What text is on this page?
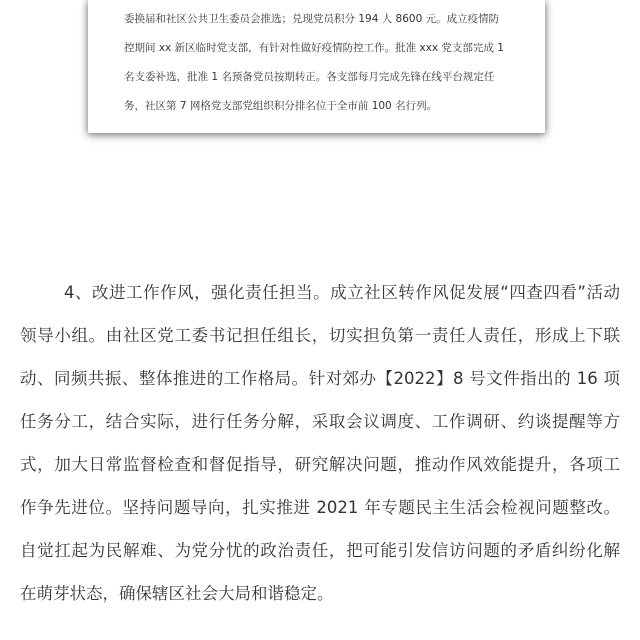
委换届和社区公共卫生委员会推选；兑现党员积分 194 人 8600 元。成立疫情防
控期间 xx 新区临时党支部，有针对性做好疫情防控工作。批准 xxx 党支部完成 1
名支委补选，批准 1 名预备党员按期转正。各支部每月完成先锋在线平台规定任
务，社区第 7 网格党支部党组织积分排名位于全市前 100 名行列。
4、改进工作作风，强化责任担当。成立社区转作风促发展“四查四看”活动
领导小组。由社区党工委书记担任组长，切实担负第一责任人责任，形成上下联
动、同频共振、整体推进的工作格局。针对郊办【2022】8 号文件指出的 16 项
任务分工，结合实际，进行任务分解，采取会议调度、工作调研、约谈提醒等方
式，加大日常监督检查和督促指导，研究解决问题，推动作风效能提升，各项工
作争先进位。坚持问题导向，扎实推进 2021 年专题民主生活会检视问题整改。
自觉扛起为民解难、为党分忧的政治责任，把可能引发信访问题的矛盾纠纷化解
在萌芽状态，确保辖区社会大局和谐稳定。
